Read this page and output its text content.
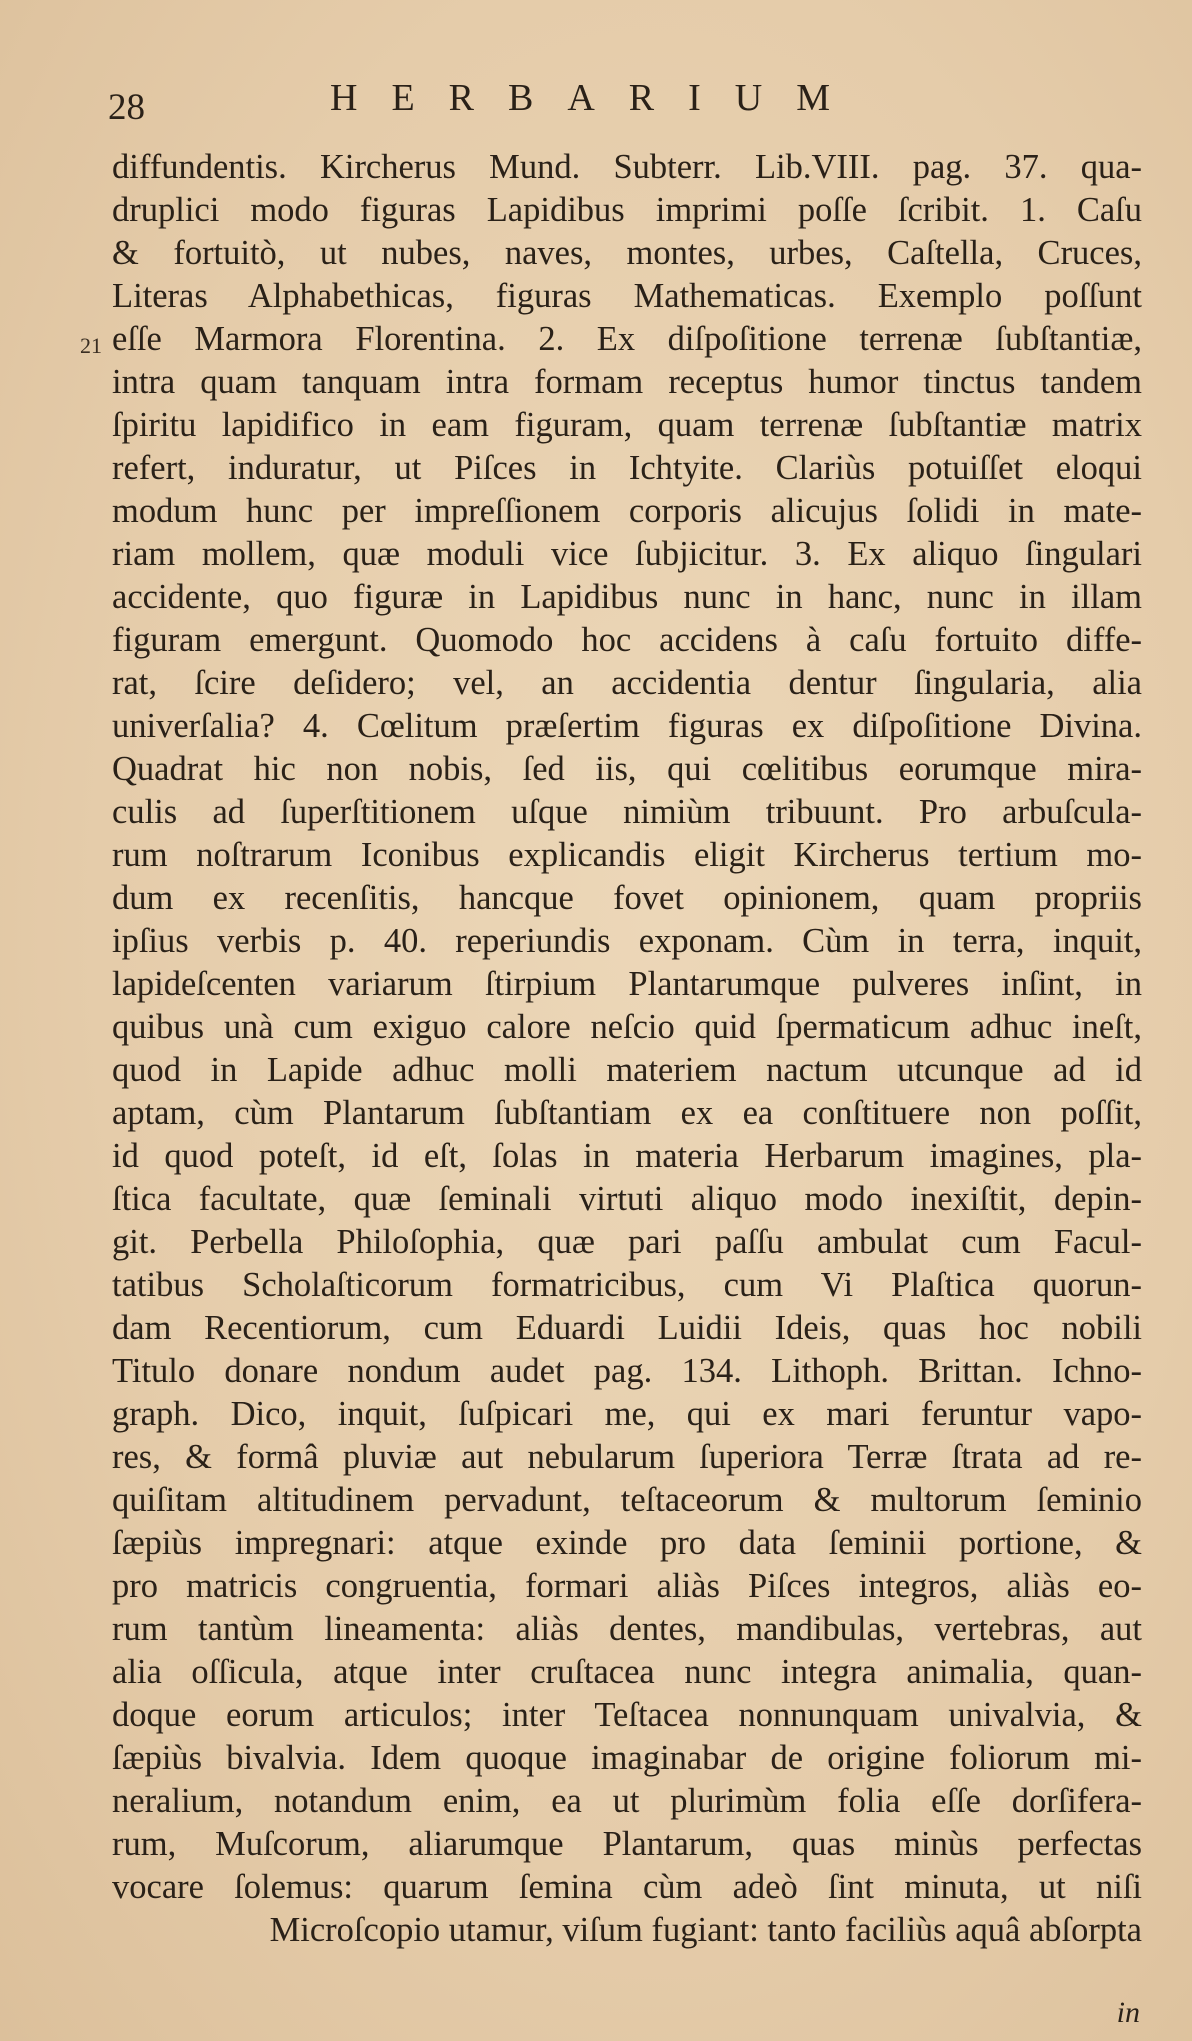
28	HERBARIUM
21
diffundentis. Kircherus Mund. Subterr. Lib.VIII. pag. 37. qua-
druplici modo figuras Lapidibus imprimi poſſe ſcribit. 1. Caſu
& fortuitò, ut nubes, naves, montes, urbes, Caſtella, Cruces,
Literas Alphabethicas, figuras Mathematicas. Exemplo poſſunt
eſſe Marmora Florentina. 2. Ex diſpoſitione terrenæ ſubſtantiæ,
intra quam tanquam intra formam receptus humor tinctus tandem
ſpiritu lapidifico in eam figuram, quam terrenæ ſubſtantiæ matrix
refert, induratur, ut Piſces in Ichtyite. Clariùs potuiſſet eloqui
modum hunc per impreſſionem corporis alicujus ſolidi in mate-
riam mollem, quæ moduli vice ſubjicitur. 3. Ex aliquo ſingulari
accidente, quo figuræ in Lapidibus nunc in hanc, nunc in illam
figuram emergunt. Quomodo hoc accidens à caſu fortuito diffe-
rat, ſcire deſidero; vel, an accidentia dentur ſingularia, alia
univerſalia? 4. Cœlitum præſertim figuras ex diſpoſitione Divina.
Quadrat hic non nobis, ſed iis, qui cœlitibus eorumque mira-
culis ad ſuperſtitionem uſque nimiùm tribuunt. Pro arbuſcula-
rum noſtrarum Iconibus explicandis eligit Kircherus tertium mo-
dum ex recenſitis, hancque fovet opinionem, quam propriis
ipſius verbis p. 40. reperiundis exponam. Cùm in terra, inquit,
lapideſcenten variarum ſtirpium Plantarumque pulveres inſint, in
quibus unà cum exiguo calore neſcio quid ſpermaticum adhuc ineſt,
quod in Lapide adhuc molli materiem nactum utcunque ad id
aptam, cùm Plantarum ſubſtantiam ex ea conſtituere non poſſit,
id quod poteſt, id eſt, ſolas in materia Herbarum imagines, pla-
ſtica facultate, quæ ſeminali virtuti aliquo modo inexiſtit, depin-
git. Perbella Philoſophia, quæ pari paſſu ambulat cum Facul-
tatibus Scholaſticorum formatricibus, cum Vi Plaſtica quorun-
dam Recentiorum, cum Eduardi Luidii Ideis, quas hoc nobili
Titulo donare nondum audet pag. 134. Lithoph. Brittan. Ichno-
graph. Dico, inquit, ſuſpicari me, qui ex mari feruntur vapo-
res, & formâ pluviæ aut nebularum ſuperiora Terræ ſtrata ad re-
quiſitam altitudinem pervadunt, teſtaceorum & multorum ſeminio
ſæpiùs impregnari: atque exinde pro data ſeminii portione, &
pro matricis congruentia, formari aliàs Piſces integros, aliàs eo-
rum tantùm lineamenta: aliàs dentes, mandibulas, vertebras, aut
alia oſſicula, atque inter cruſtacea nunc integra animalia, quan-
doque eorum articulos; inter Teſtacea nonnunquam univalvia, &
ſæpiùs bivalvia. Idem quoque imaginabar de origine foliorum mi-
neralium, notandum enim, ea ut plurimùm folia eſſe dorſifera-
rum, Muſcorum, aliarumque Plantarum, quas minùs perfectas
vocare ſolemus: quarum ſemina cùm adeò ſint minuta, ut niſi
Microſcopio utamur, viſum fugiant: tanto faciliùs aquâ abſorpta
in
